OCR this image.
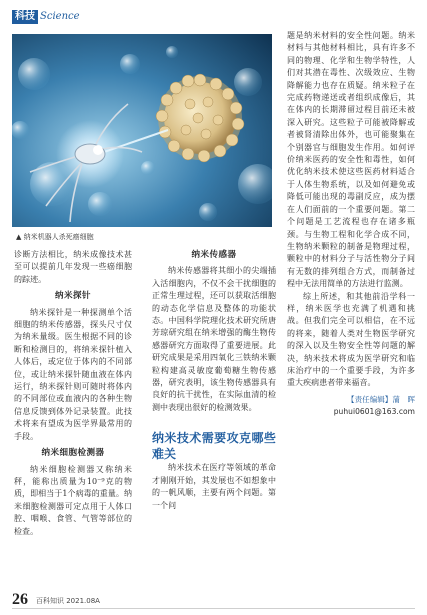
科技 Science
▲ 纳米机器人杀死癌细胞

诊断方法相比，纳米成像技术甚至可以提前几年发现一些癌细胞的踪迹。

纳米探针

纳米探针是一种探测单个活细胞的纳米传感器，探头尺寸仅为纳米量级。医生根据不同的诊断和检测目的，将纳米探针植入人体后，或定位于体内的不同部位，或让纳米探针随血液在体内运行，纳米探针则可随时将体内的不同部位或血液内的各种生物信息反馈到体外记录装置。此技术将来有望成为医学界最常用的手段。

纳米细胞检测器

纳米细胞检测器又称纳米秤，能称出质量为10⁻⁹克的物质，即相当于1个病毒的重量。纳米细胞检测器可定点用于人体口腔、咽喉、食管、气管等部位的检查。

纳米传感器

纳米传感器将其细小的尖端插入活细胞内，不仅不会干扰细胞的正常生理过程，还可以获取活细胞的动态化学信息及整体的功能状态。中国科学院理化技术研究所唐芳琼研究组在纳米增强的酶生物传感器研究方面取得了重要进展。此研究成果是采用四氧化三铁纳米颗粒构建高灵敏度葡萄糖生物传感器，研究表明，该生物传感器具有良好的抗干扰性，在实际血清的检测中表现出很好的检测效果。

纳米技术需要攻克哪些难关

纳米技术在医疗等领域的革命才刚刚开始，其发展也不如想象中的一帆风顺，主要有两个问题。第一个问

题是纳米材料的安全性问题。纳米材料与其他材料相比，具有许多不同的物理、化学和生物学特性，人们对其潜在毒性、次级效应、生物降解能力也存在质疑。纳米粒子在完成药物递送或者组织成像后，其在体内的长期滞留过程目前还未被深入研究。这些粒子可能被降解或者被肾清除出体外，也可能聚集在个别器官与细胞发生作用。如何评价纳米医药的安全性和毒性，如何优化纳米技术使这些医药材料适合于人体生物系统，以及如何避免或降低可能出现的毒副反应，成为摆在人们面前的一个重要问题。第二个问题是工艺流程也存在诸多瓶颈。与生物工程和化学合成不同，生物纳米颗粒的制备是物理过程，颗粒中的材料分子与活性物分子间有无数的排列组合方式，而制备过程中无法用简单的方法进行监测。

综上所述，和其他前沿学科一样，纳米医学也充满了机遇和挑战。但我们完全可以相信，在不远的将来，随着人类对生物医学研究的深入以及生物安全性等问题的解决，纳米技术将成为医学研究和临床治疗中的一个重要手段，为许多重大疾病患者带来福音。

【责任编辑】蒲　晖
puhui0601@163.com
26 百科知识 2021.08A
